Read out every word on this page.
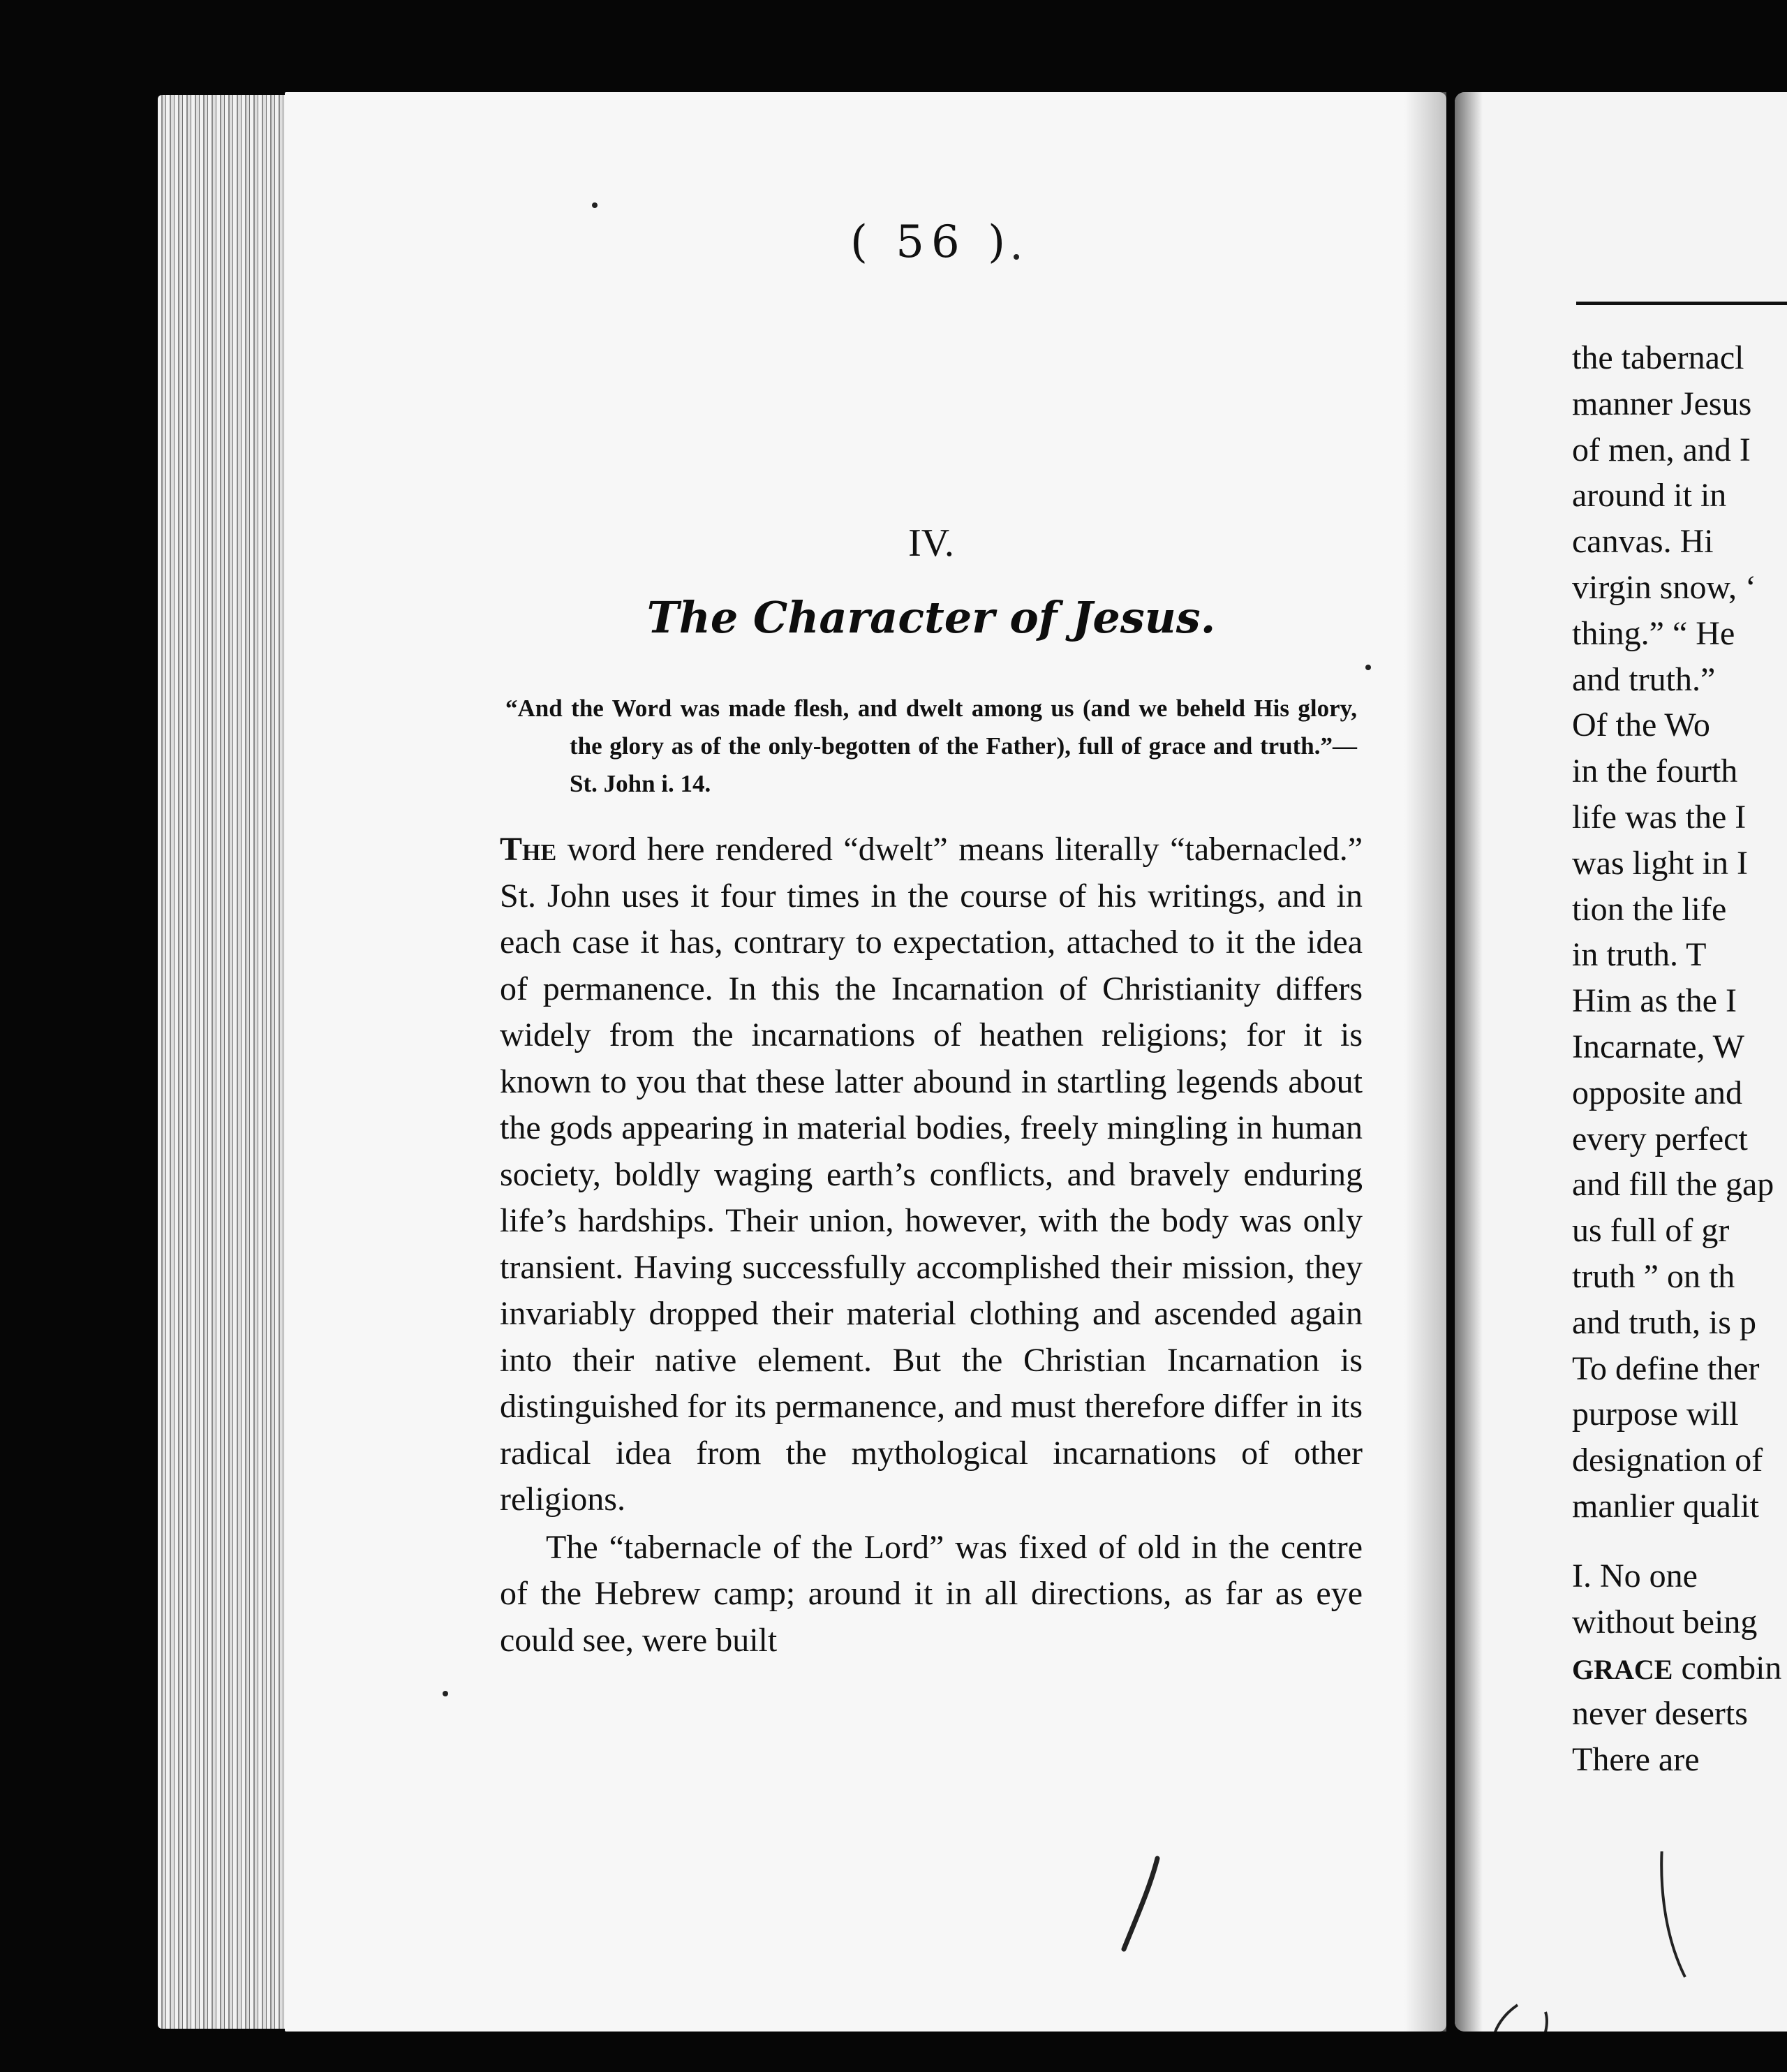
( 56 )
IV.
The Character of Jesus.
“And the Word was made flesh, and dwelt among us (and we beheld His glory, the glory as of the only-begotten of the Father), full of grace and truth.”—St. John i. 14.

The word here rendered “dwelt” means literally “tabernacled.” St. John uses it four times in the course of his writings, and in each case it has, contrary to expectation, attached to it the idea of permanence. In this the Incarnation of Christianity differs widely from the incarnations of heathen religions; for it is known to you that these latter abound in startling legends about the gods appearing in material bodies, freely mingling in human society, boldly waging earth’s conflicts, and bravely enduring life’s hardships. Their union, however, with the body was only transient. Having successfully accomplished their mission, they invariably dropped their material clothing and ascended again into their native element. But the Christian Incarnation is distinguished for its permanence, and must therefore differ in its radical idea from the mythological incarnations of other religions.

The “tabernacle of the Lord” was fixed of old in the centre of the Hebrew camp; around it in all directions, as far as eye could see, were built

the tabernacl
manner Jesus
of men, and I
around it in
canvas. Hi
virgin snow, ‘
thing.” “ He
and truth.”
Of the Wo
in the fourth
life was the I
was light in I
tion the life
in truth. T
Him as the I
Incarnate, W
opposite and
every perfect
and fill the gap
us full of gr
truth ” on th
and truth, is p
To define ther
purpose will
designation of
manlier qualit
I. No one
without being
GRACE combin
never deserts
There are
